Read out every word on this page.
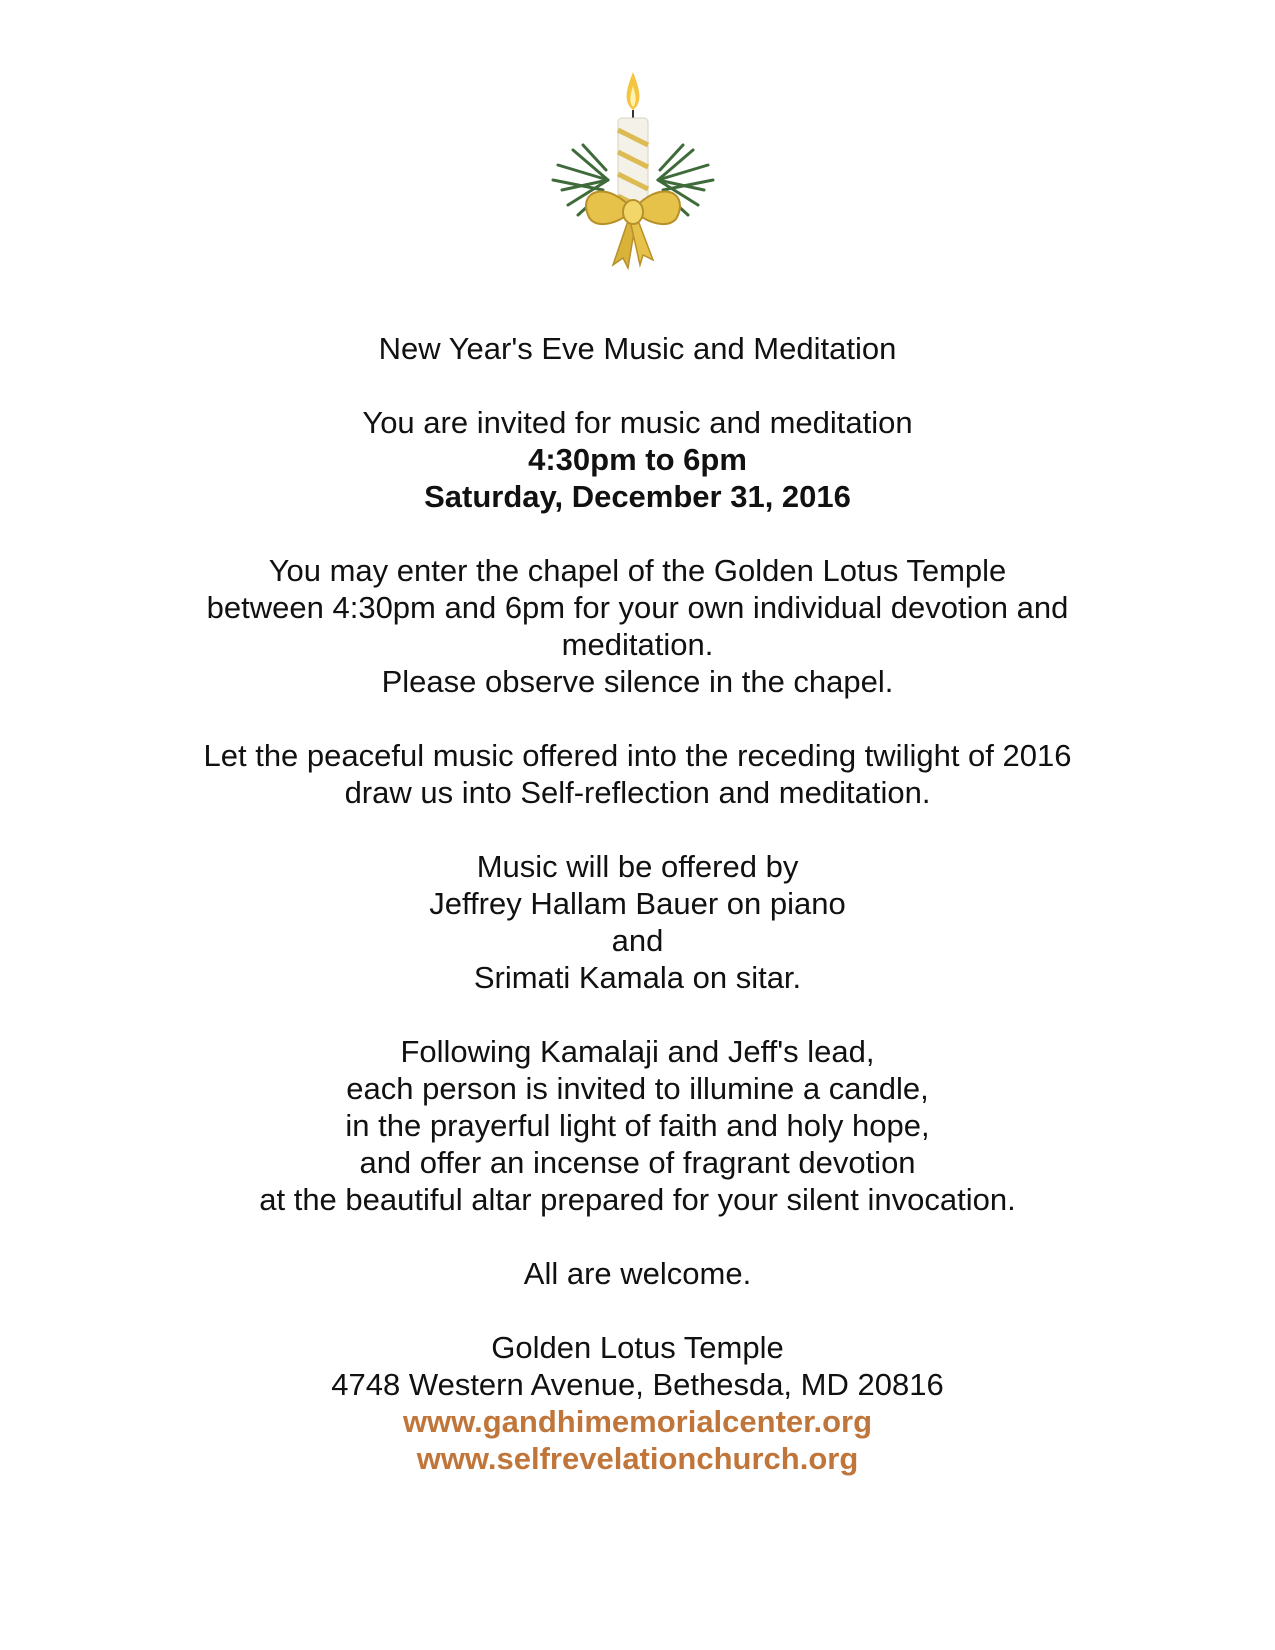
New Year's Eve Music and Meditation
You are invited for music and meditation
4:30pm to 6pm
Saturday, December 31, 2016
You may enter the chapel of the Golden Lotus Temple
between 4:30pm and 6pm for your own individual devotion and
meditation.
Please observe silence in the chapel.
Let the peaceful music offered into the receding twilight of 2016
draw us into Self-reflection and meditation.
Music will be offered by
Jeffrey Hallam Bauer on piano
and
Srimati Kamala on sitar.
Following Kamalaji and Jeff's lead,
each person is invited to illumine a candle,
in the prayerful light of faith and holy hope,
and offer an incense of fragrant devotion
at the beautiful altar prepared for your silent invocation.
All are welcome.
Golden Lotus Temple
4748 Western Avenue, Bethesda, MD 20816
www.gandhimemorialcenter.org
www.selfrevelationchurch.org
